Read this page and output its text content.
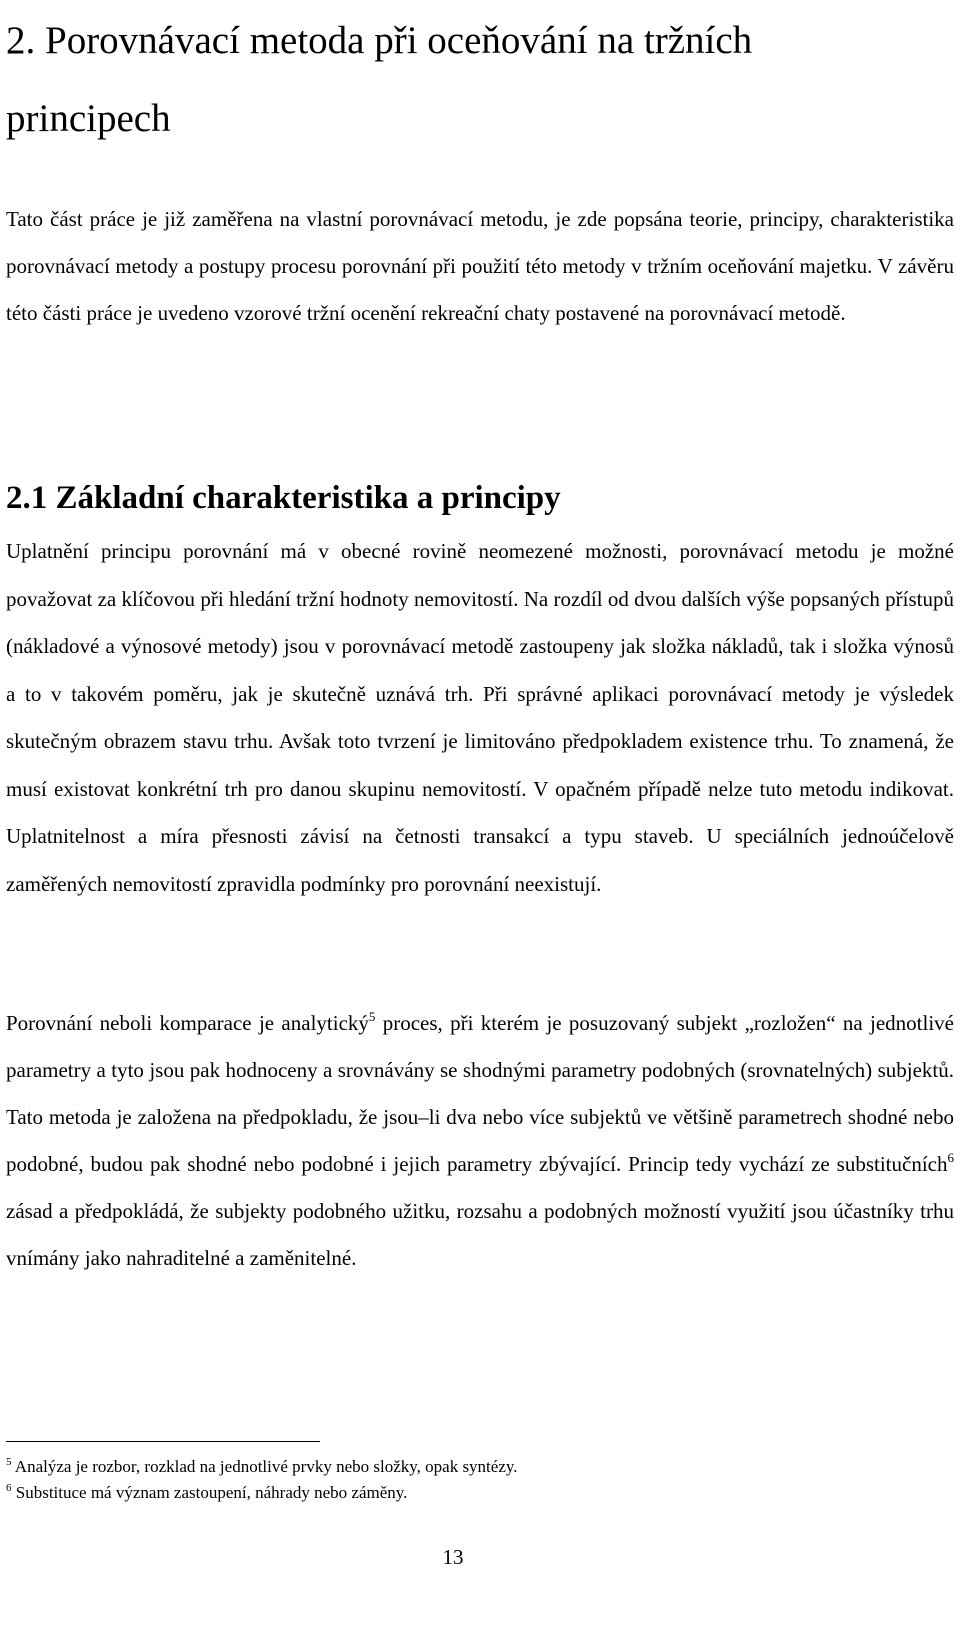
2. Porovnávací metoda při oceňování na tržních
principech

Tato část práce je již zaměřena na vlastní porovnávací metodu, je zde popsána teorie, principy, charakteristika porovnávací metody a postupy procesu porovnání při použití této metody v tržním oceňování majetku. V závěru této části práce je uvedeno vzorové tržní ocenění rekreační chaty postavené na porovnávací metodě.

2.1 Základní charakteristika a principy

Uplatnění principu porovnání má v obecné rovině neomezené možnosti, porovnávací metodu je možné považovat za klíčovou při hledání tržní hodnoty nemovitostí. Na rozdíl od dvou dalších výše popsaných přístupů (nákladové a výnosové metody) jsou v porovnávací metodě zastoupeny jak složka nákladů, tak i složka výnosů a to v takovém poměru, jak je skutečně uznává trh. Při správné aplikaci porovnávací metody je výsledek skutečným obrazem stavu trhu. Avšak toto tvrzení je limitováno předpokladem existence trhu. To znamená, že musí existovat konkrétní trh pro danou skupinu nemovitostí. V opačném případě nelze tuto metodu indikovat. Uplatnitelnost a míra přesnosti závisí na četnosti transakcí a typu staveb. U speciálních jednoúčelově zaměřených nemovitostí zpravidla podmínky pro porovnání neexistují.

Porovnání neboli komparace je analytický$^5$ proces, při kterém je posuzovaný subjekt „rozložen“ na jednotlivé parametry a tyto jsou pak hodnoceny a srovnávány se shodnými parametry podobných (srovnatelných) subjektů. Tato metoda je založena na předpokladu, že jsou–li dva nebo více subjektů ve většině parametrech shodné nebo podobné, budou pak shodné nebo podobné i jejich parametry zbývající. Princip tedy vychází ze substitučních$^6$ zásad a předpokládá, že subjekty podobného užitku, rozsahu a podobných možností využití jsou účastníky trhu vnímány jako nahraditelné a zaměnitelné.

$^5$ Analýza je rozbor, rozklad na jednotlivé prvky nebo složky, opak syntézy.
$^6$ Substituce má význam zastoupení, náhrady nebo záměny.
13
